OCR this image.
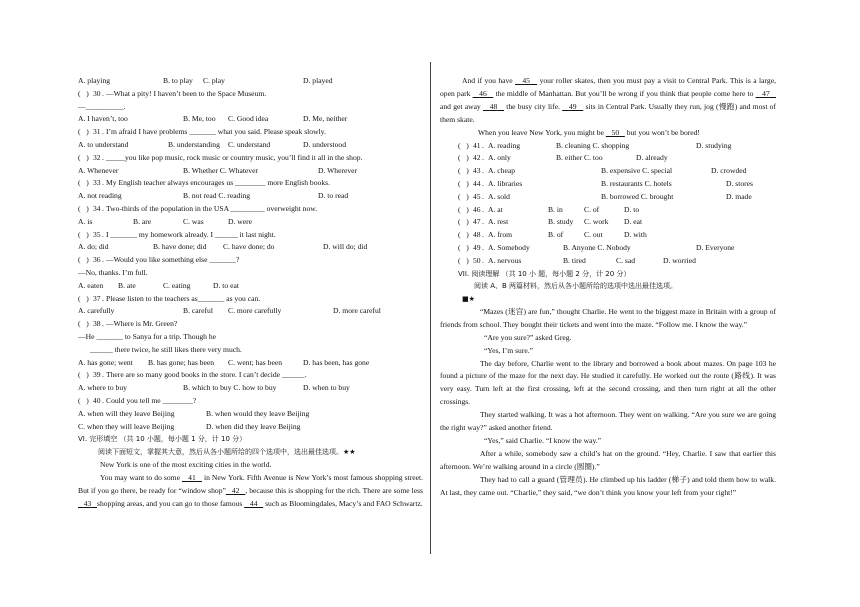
A. playing	B. to play C. play	D. played
(   ) 30 . —What a pity! I haven’t been to the Space Museum.
—__________.
A. I haven’t, too	B. Me, too C. Good idea	D. Me, neither
(   ) 31 . I’m afraid I have problems _______ what you said. Please speak slowly.
A. to understand	B. understanding C. understand	D. understood
(   ) 32 . _____you like pop music, rock music or country music, you’ll find it all in the shop.
A. Whenever	B. Whether C. Whatever	D. Wherever
(   ) 33 . My English teacher always encourages us ________ more English books.
A. not reading	B. not read C. reading	D. to read
(   ) 34 . Two-thirds of the population in the USA _________ overweight now.
A. is	B. are	C. was	D. were
(   ) 35 . I _______ my homework already. I ______ it last night.
A. do; did	B. have done; did C. have done; do	D. will do; did
(   ) 36 . —Would you like something else _______?
—No, thanks. I’m full.
A. eaten B. ate	C. eating	D. to eat
(   ) 37 . Please listen to the teachers as_______ as you can.
A. carefully	B. careful C. more carefully	D. more careful
(   ) 38 . —Where is Mr. Green?
—He _______ to Sanya for a trip. Though he
______ there twice, he still likes there very much.
A. has gone; went B. has gone; has been C. went; has been	D. has been, has gone
(   ) 39 . There are so many good books in the store. I can’t decide ______.
A. where to buy	B. which to buy C. how to buy	D. when to buy
(   ) 40 . Could you tell me ________?
A. when will they leave Beijing	B. when would they leave Beijing
C. when they will leave Beijing	D. when did they leave Beijing
VI. 完形填空 （共 10 小题，每小题 1 分，计 10 分）
阅读下面短文，掌握其大意，然后从各小题所给的四个选项中，选出最佳选项。★★
New York is one of the most exciting cities in the world.
You may want to do some    41    in New York. Fifth Avenue is New York’s most famous shopping street. But if you go there, be ready for “window shop” 42 , because this is shopping for the rich. There are some less    43 shopping areas, and you can go to those famous    44    such as Bloomingdales, Macy’s and FAO Schwartz.
And if you have    45    your roller skates, then you must pay a visit to Central Park. This is a large, open park    46    the middle of Manhattan. But you’ll be wrong if you think that people come here to    47    and get away    48    the busy city life.    49    sits in Central Park. Usually they run, jog (慢跑) and most of them skate.
When you leave New York, you might be    50    but you won’t be bored!
(   ) 41 . A. reading	B. cleaning C. shopping	D. studying
(   ) 42 . A. only	B. either C. too	D. already
(   ) 43 . A. cheap	B. expensive C. special	D. crowded
(   ) 44 . A. libraries	B. restaurants C. hotels	D. stores
(   ) 45 . A. sold	B. borrowed C. brought	D. made
(   ) 46 . A. at	B. in	C. of	D. to
(   ) 47 . A. rest	B. study C. work D. eat
(   ) 48 . A. from	B. of	C. out	D. with
(   ) 49 . A. Somebody	B. Anyone C. Nobody	D. Everyone
(   ) 50 . A. nervous	B. tired	C. sad	D. worried
VII. 阅读理解 （共 10 小 题，每小题 2 分，计 20 分）
阅读 A、B 两篇材料，然后从各小题所给的选项中选出最佳选项。
■★
“Mazes (迷宫) are fun,” thought Charlie. He went to the biggest maze in Britain with a group of friends from school. They bought their tickets and went into the maze. “Follow me. I know the way.”
“Are you sure?” asked Greg.
“Yes, I’m sure.”
The day before, Charlie went to the library and borrowed a book about mazes. On page 103 he found a picture of the maze for the next day. He studied it carefully. He worked out the route (路线). It was very easy. Turn left at the first crossing, left at the second crossing, and then turn right at all the other crossings.
They started walking. It was a hot afternoon. They went on walking. “Are you sure we are going the right way?” asked another friend.
“Yes,” said Charlie. “I know the way.”
After a while, somebody saw a child’s hat on the ground. “Hey, Charlie. I saw that earlier this afternoon. We’re walking around in a circle (圆圈).”
They had to call a guard (管理员). He climbed up his ladder (梯子) and told them how to walk. At last, they came out. “Charlie,” they said, “we don’t think you know your left from your right!”
